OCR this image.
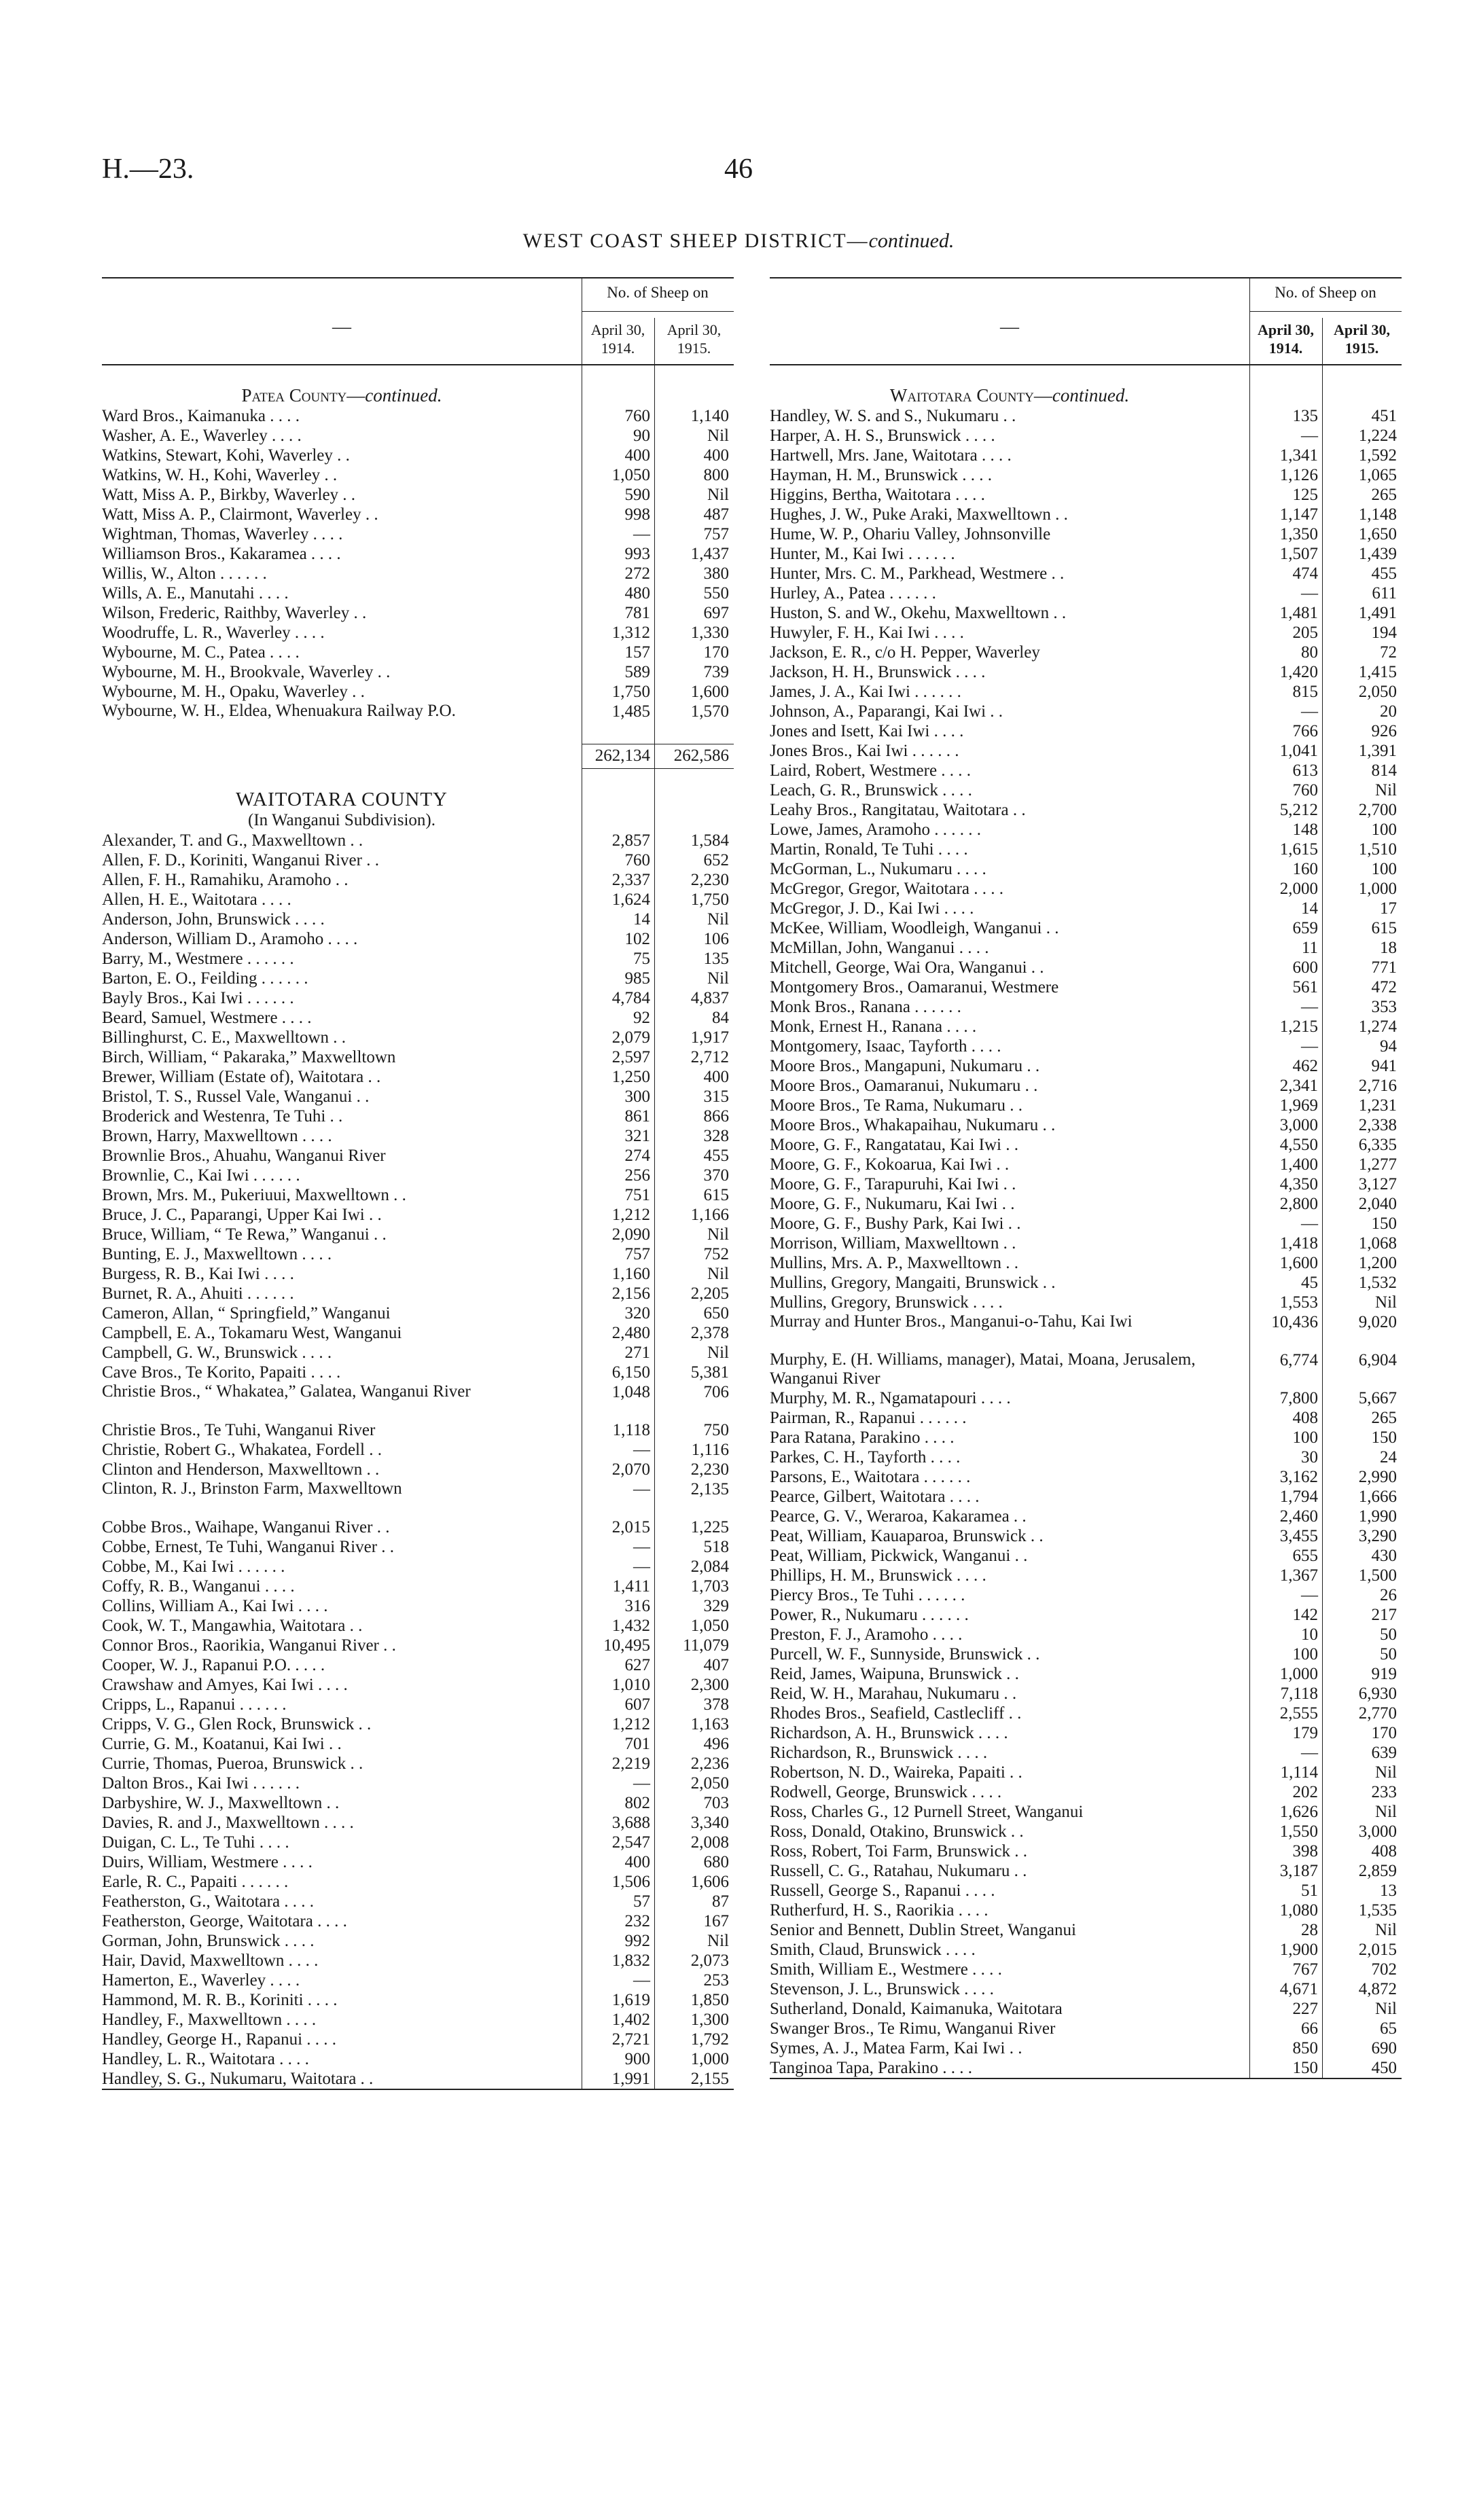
H.—23.	46
WEST COAST SHEEP DISTRICT—continued.
—
No. of Sheep on
April 30,
1914.
April 30,
1915.
Patea County—continued.
Ward Bros., Kaimanuka . . . .	760	1,140
Washer, A. E., Waverley . . . .	90	Nil
Watkins, Stewart, Kohi, Waverley . .	400	400
Watkins, W. H., Kohi, Waverley . .	1,050	800
Watt, Miss A. P., Birkby, Waverley . .	590	Nil
Watt, Miss A. P., Clairmont, Waverley . .	998	487
Wightman, Thomas, Waverley . . . .	—	757
Williamson Bros., Kakaramea . . . .	993	1,437
Willis, W., Alton . . . . . .	272	380
Wills, A. E., Manutahi . . . .	480	550
Wilson, Frederic, Raithby, Waverley . .	781	697
Woodruffe, L. R., Waverley . . . .	1,312	1,330
Wybourne, M. C., Patea . . . .	157	170
Wybourne, M. H., Brookvale, Waverley . .	589	739
Wybourne, M. H., Opaku, Waverley . .	1,750	1,600
Wybourne, W. H., Eldea, Whenuakura Railway P.O.	1,485	1,570
262,134	262,586
WAITOTARA COUNTY
(In Wanganui Subdivision).
Alexander, T. and G., Maxwelltown . .	2,857	1,584
Allen, F. D., Koriniti, Wanganui River . .	760	652
Allen, F. H., Ramahiku, Aramoho . .	2,337	2,230
Allen, H. E., Waitotara . . . .	1,624	1,750
Anderson, John, Brunswick . . . .	14	Nil
Anderson, William D., Aramoho . . . .	102	106
Barry, M., Westmere . . . . . .	75	135
Barton, E. O., Feilding . . . . . .	985	Nil
Bayly Bros., Kai Iwi . . . . . .	4,784	4,837
Beard, Samuel, Westmere . . . .	92	84
Billinghurst, C. E., Maxwelltown . .	2,079	1,917
Birch, William, “ Pakaraka,” Maxwelltown	2,597	2,712
Brewer, William (Estate of), Waitotara . .	1,250	400
Bristol, T. S., Russel Vale, Wanganui . .	300	315
Broderick and Westenra, Te Tuhi . .	861	866
Brown, Harry, Maxwelltown . . . .	321	328
Brownlie Bros., Ahuahu, Wanganui River	274	455
Brownlie, C., Kai Iwi . . . . . .	256	370
Brown, Mrs. M., Pukeriuui, Maxwelltown . .	751	615
Bruce, J. C., Paparangi, Upper Kai Iwi . .	1,212	1,166
Bruce, William, “ Te Rewa,” Wanganui . .	2,090	Nil
Bunting, E. J., Maxwelltown . . . .	757	752
Burgess, R. B., Kai Iwi . . . .	1,160	Nil
Burnet, R. A., Ahuiti . . . . . .	2,156	2,205
Cameron, Allan, “ Springfield,” Wanganui	320	650
Campbell, E. A., Tokamaru West, Wanganui	2,480	2,378
Campbell, G. W., Brunswick . . . .	271	Nil
Cave Bros., Te Korito, Papaiti . . . .	6,150	5,381
Christie Bros., “ Whakatea,” Galatea, Wanganui River	1,048	706
Christie Bros., Te Tuhi, Wanganui River	1,118	750
Christie, Robert G., Whakatea, Fordell . .	—	1,116
Clinton and Henderson, Maxwelltown . .	2,070	2,230
Clinton, R. J., Brinston Farm, Maxwelltown	—	2,135
Cobbe Bros., Waihape, Wanganui River . .	2,015	1,225
Cobbe, Ernest, Te Tuhi, Wanganui River . .	—	518
Cobbe, M., Kai Iwi . . . . . .	—	2,084
Coffy, R. B., Wanganui . . . .	1,411	1,703
Collins, William A., Kai Iwi . . . .	316	329
Cook, W. T., Mangawhia, Waitotara . .	1,432	1,050
Connor Bros., Raorikia, Wanganui River . .	10,495	11,079
Cooper, W. J., Rapanui P.O. . . . .	627	407
Crawshaw and Amyes, Kai Iwi . . . .	1,010	2,300
Cripps, L., Rapanui . . . . . .	607	378
Cripps, V. G., Glen Rock, Brunswick . .	1,212	1,163
Currie, G. M., Koatanui, Kai Iwi . .	701	496
Currie, Thomas, Pueroa, Brunswick . .	2,219	2,236
Dalton Bros., Kai Iwi . . . . . .	—	2,050
Darbyshire, W. J., Maxwelltown . .	802	703
Davies, R. and J., Maxwelltown . . . .	3,688	3,340
Duigan, C. L., Te Tuhi . . . .	2,547	2,008
Duirs, William, Westmere . . . .	400	680
Earle, R. C., Papaiti . . . . . .	1,506	1,606
Featherston, G., Waitotara . . . .	57	87
Featherston, George, Waitotara . . . .	232	167
Gorman, John, Brunswick . . . .	992	Nil
Hair, David, Maxwelltown . . . .	1,832	2,073
Hamerton, E., Waverley . . . .	—	253
Hammond, M. R. B., Koriniti . . . .	1,619	1,850
Handley, F., Maxwelltown . . . .	1,402	1,300
Handley, George H., Rapanui . . . .	2,721	1,792
Handley, L. R., Waitotara . . . .	900	1,000
Handley, S. G., Nukumaru, Waitotara . .	1,991	2,155
—
No. of Sheep on
April 30,
1914.
April 30,
1915.
Waitotara County—continued.
Handley, W. S. and S., Nukumaru . .	135	451
Harper, A. H. S., Brunswick . . . .	—	1,224
Hartwell, Mrs. Jane, Waitotara . . . .	1,341	1,592
Hayman, H. M., Brunswick . . . .	1,126	1,065
Higgins, Bertha, Waitotara . . . .	125	265
Hughes, J. W., Puke Araki, Maxwelltown . .	1,147	1,148
Hume, W. P., Ohariu Valley, Johnsonville	1,350	1,650
Hunter, M., Kai Iwi . . . . . .	1,507	1,439
Hunter, Mrs. C. M., Parkhead, Westmere . .	474	455
Hurley, A., Patea . . . . . .	—	611
Huston, S. and W., Okehu, Maxwelltown . .	1,481	1,491
Huwyler, F. H., Kai Iwi . . . .	205	194
Jackson, E. R., c/o H. Pepper, Waverley	80	72
Jackson, H. H., Brunswick . . . .	1,420	1,415
James, J. A., Kai Iwi . . . . . .	815	2,050
Johnson, A., Paparangi, Kai Iwi . .	—	20
Jones and Isett, Kai Iwi . . . .	766	926
Jones Bros., Kai Iwi . . . . . .	1,041	1,391
Laird, Robert, Westmere . . . .	613	814
Leach, G. R., Brunswick . . . .	760	Nil
Leahy Bros., Rangitatau, Waitotara . .	5,212	2,700
Lowe, James, Aramoho . . . . . .	148	100
Martin, Ronald, Te Tuhi . . . .	1,615	1,510
McGorman, L., Nukumaru . . . .	160	100
McGregor, Gregor, Waitotara . . . .	2,000	1,000
McGregor, J. D., Kai Iwi . . . .	14	17
McKee, William, Woodleigh, Wanganui . .	659	615
McMillan, John, Wanganui . . . .	11	18
Mitchell, George, Wai Ora, Wanganui . .	600	771
Montgomery Bros., Oamaranui, Westmere	561	472
Monk Bros., Ranana . . . . . .	—	353
Monk, Ernest H., Ranana . . . .	1,215	1,274
Montgomery, Isaac, Tayforth . . . .	—	94
Moore Bros., Mangapuni, Nukumaru . .	462	941
Moore Bros., Oamaranui, Nukumaru . .	2,341	2,716
Moore Bros., Te Rama, Nukumaru . .	1,969	1,231
Moore Bros., Whakapaihau, Nukumaru . .	3,000	2,338
Moore, G. F., Rangatatau, Kai Iwi . .	4,550	6,335
Moore, G. F., Kokoarua, Kai Iwi . .	1,400	1,277
Moore, G. F., Tarapuruhi, Kai Iwi . .	4,350	3,127
Moore, G. F., Nukumaru, Kai Iwi . .	2,800	2,040
Moore, G. F., Bushy Park, Kai Iwi . .	—	150
Morrison, William, Maxwelltown . .	1,418	1,068
Mullins, Mrs. A. P., Maxwelltown . .	1,600	1,200
Mullins, Gregory, Mangaiti, Brunswick . .	45	1,532
Mullins, Gregory, Brunswick . . . .	1,553	Nil
Murray and Hunter Bros., Manganui-o-Tahu, Kai Iwi	10,436	9,020
Murphy, E. (H. Williams, manager), Matai, Moana, Jerusalem, Wanganui River
6,774	6,904
Murphy, M. R., Ngamatapouri . . . .	7,800	5,667
Pairman, R., Rapanui . . . . . .	408	265
Para Ratana, Parakino . . . .	100	150
Parkes, C. H., Tayforth . . . .	30	24
Parsons, E., Waitotara . . . . . .	3,162	2,990
Pearce, Gilbert, Waitotara . . . .	1,794	1,666
Pearce, G. V., Weraroa, Kakaramea . .	2,460	1,990
Peat, William, Kauaparoa, Brunswick . .	3,455	3,290
Peat, William, Pickwick, Wanganui . .	655	430
Phillips, H. M., Brunswick . . . .	1,367	1,500
Piercy Bros., Te Tuhi . . . . . .	—	26
Power, R., Nukumaru . . . . . .	142	217
Preston, F. J., Aramoho . . . .	10	50
Purcell, W. F., Sunnyside, Brunswick . .	100	50
Reid, James, Waipuna, Brunswick . .	1,000	919
Reid, W. H., Marahau, Nukumaru . .	7,118	6,930
Rhodes Bros., Seafield, Castlecliff . .	2,555	2,770
Richardson, A. H., Brunswick . . . .	179	170
Richardson, R., Brunswick . . . .	—	639
Robertson, N. D., Waireka, Papaiti . .	1,114	Nil
Rodwell, George, Brunswick . . . .	202	233
Ross, Charles G., 12 Purnell Street, Wanganui	1,626	Nil
Ross, Donald, Otakino, Brunswick . .	1,550	3,000
Ross, Robert, Toi Farm, Brunswick . .	398	408
Russell, C. G., Ratahau, Nukumaru . .	3,187	2,859
Russell, George S., Rapanui . . . .	51	13
Rutherfurd, H. S., Raorikia . . . .	1,080	1,535
Senior and Bennett, Dublin Street, Wanganui	28	Nil
Smith, Claud, Brunswick . . . .	1,900	2,015
Smith, William E., Westmere . . . .	767	702
Stevenson, J. L., Brunswick . . . .	4,671	4,872
Sutherland, Donald, Kaimanuka, Waitotara	227	Nil
Swanger Bros., Te Rimu, Wanganui River	66	65
Symes, A. J., Matea Farm, Kai Iwi . .	850	690
Tanginoa Tapa, Parakino . . . .	150	450
